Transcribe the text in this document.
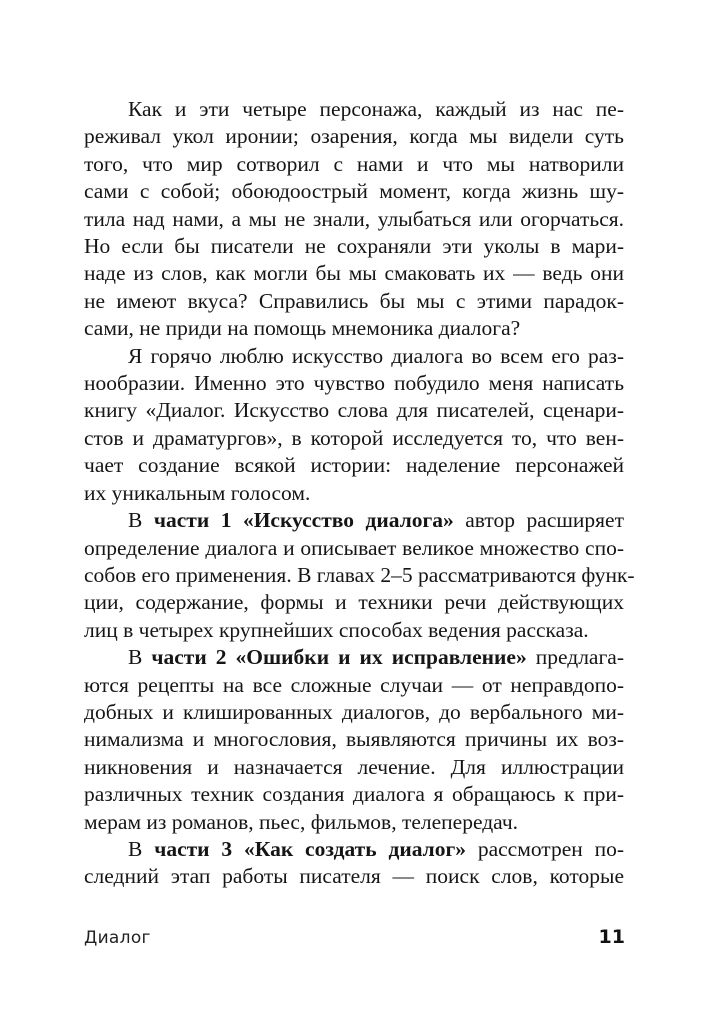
Как и эти четыре персонажа, каждый из нас пе-
реживал укол иронии; озарения, когда мы видели суть
того, что мир сотворил с нами и что мы натворили
сами с собой; обоюдоострый момент, когда жизнь шу-
тила над нами, а мы не знали, улыбаться или огорчаться.
Но если бы писатели не сохраняли эти уколы в мари-
наде из слов, как могли бы мы смаковать их — ведь они
не имеют вкуса? Справились бы мы с этими парадок-
сами, не приди на помощь мнемоника диалога?

Я горячо люблю искусство диалога во всем его раз-
нообразии. Именно это чувство побудило меня написать
книгу «Диалог. Искусство слова для писателей, сценари-
стов и драматургов», в которой исследуется то, что вен-
чает создание всякой истории: наделение персонажей
их уникальным голосом.

В части 1 «Искусство диалога» автор расширяет
определение диалога и описывает великое множество спо-
собов его применения. В главах 2–5 рассматриваются функ-
ции, содержание, формы и техники речи действующих
лиц в четырех крупнейших способах ведения рассказа.

В части 2 «Ошибки и их исправление» предлага-
ются рецепты на все сложные случаи — от неправдопо-
добных и клишированных диалогов, до вербального ми-
нимализма и многословия, выявляются причины их воз-
никновения и назначается лечение. Для иллюстрации
различных техник создания диалога я обращаюсь к при-
мерам из романов, пьес, фильмов, телепередач.

В части 3 «Как создать диалог» рассмотрен по-
следний этап работы писателя — поиск слов, которые

Диалог	11
